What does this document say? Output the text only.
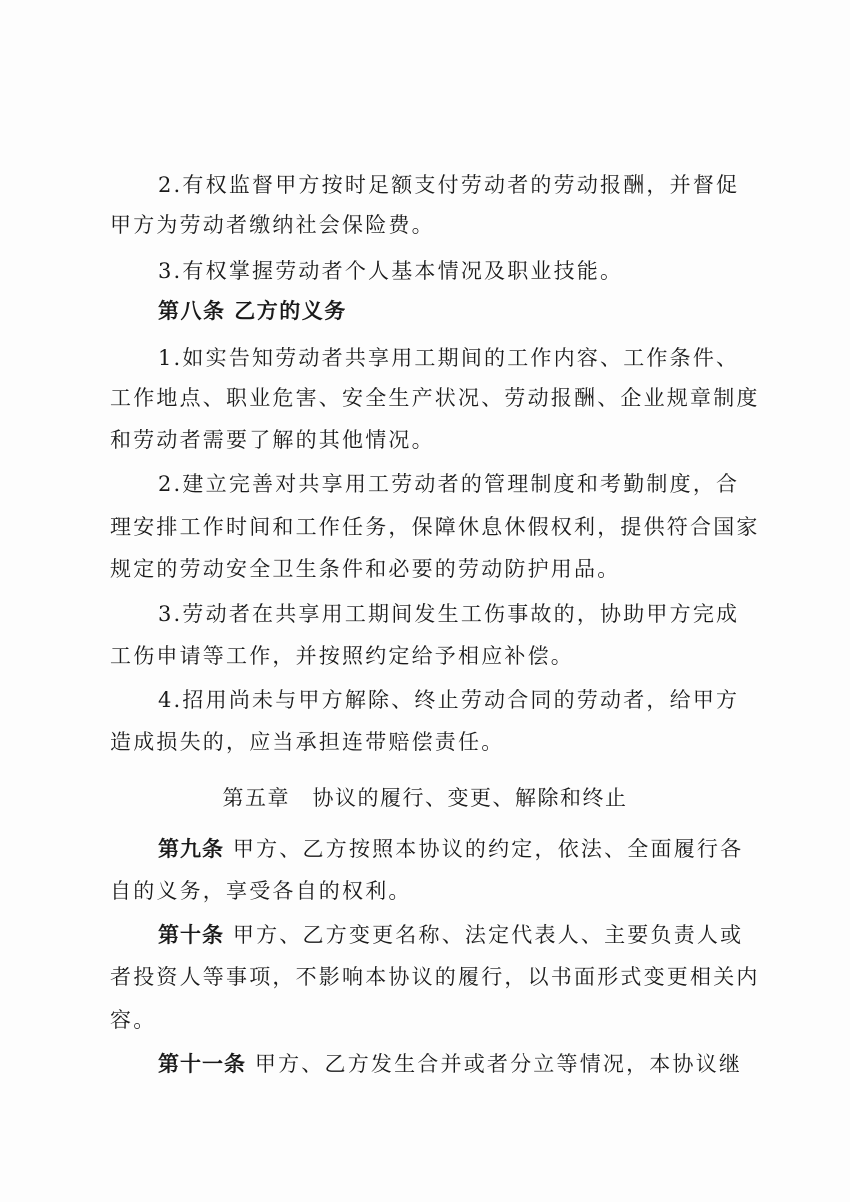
2.有权监督甲方按时足额支付劳动者的劳动报酬，并督促
甲方为劳动者缴纳社会保险费。
3.有权掌握劳动者个人基本情况及职业技能。
第八条 乙方的义务
1.如实告知劳动者共享用工期间的工作内容、工作条件、
工作地点、职业危害、安全生产状况、劳动报酬、企业规章制度
和劳动者需要了解的其他情况。
2.建立完善对共享用工劳动者的管理制度和考勤制度，合
理安排工作时间和工作任务，保障休息休假权利，提供符合国家
规定的劳动安全卫生条件和必要的劳动防护用品。
3.劳动者在共享用工期间发生工伤事故的，协助甲方完成
工伤申请等工作，并按照约定给予相应补偿。
4.招用尚未与甲方解除、终止劳动合同的劳动者，给甲方
造成损失的，应当承担连带赔偿责任。
第五章　协议的履行、变更、解除和终止
第九条 甲方、乙方按照本协议的约定，依法、全面履行各
自的义务，享受各自的权利。
第十条 甲方、乙方变更名称、法定代表人、主要负责人或
者投资人等事项，不影响本协议的履行，以书面形式变更相关内
容。
第十一条 甲方、乙方发生合并或者分立等情况，本协议继
